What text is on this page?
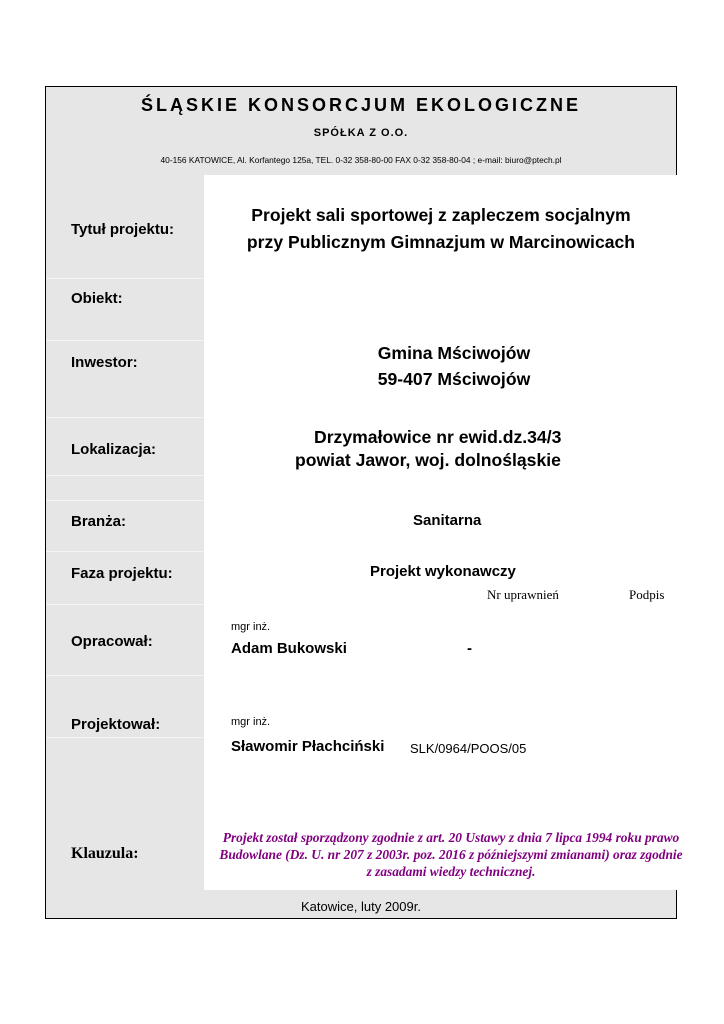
ŚLĄSKIE KONSORCJUM EKOLOGICZNE
SPÓŁKA Z O.O.
40-156 KATOWICE, Al. Korfantego 125a, TEL. 0-32 358-80-00 FAX 0-32 358-80-04 ; e-mail: biuro@ptech.pl
Tytuł projektu:
Obiekt:
Inwestor:
Lokalizacja:
Branża:
Faza projektu:
Opracował:
Projektował:
Klauzula:
Projekt sali sportowej z zapleczem socjalnym
przy Publicznym Gimnazjum w Marcinowicach
Gmina Mściwojów
59-407 Mściwojów
Drzymałowice nr ewid.dz.34/3
powiat Jawor, woj. dolnośląskie
Sanitarna
Projekt wykonawczy
Nr uprawnień	Podpis
mgr inż.
Adam Bukowski	-
mgr inż.
Sławomir Płachciński SLK/0964/POOS/05
Projekt został sporządzony zgodnie z art. 20 Ustawy z dnia 7 lipca 1994 roku prawo Budowlane (Dz. U. nr 207 z 2003r. poz. 2016 z późniejszymi zmianami) oraz zgodnie z zasadami wiedzy technicznej.
Katowice, luty 2009r.
